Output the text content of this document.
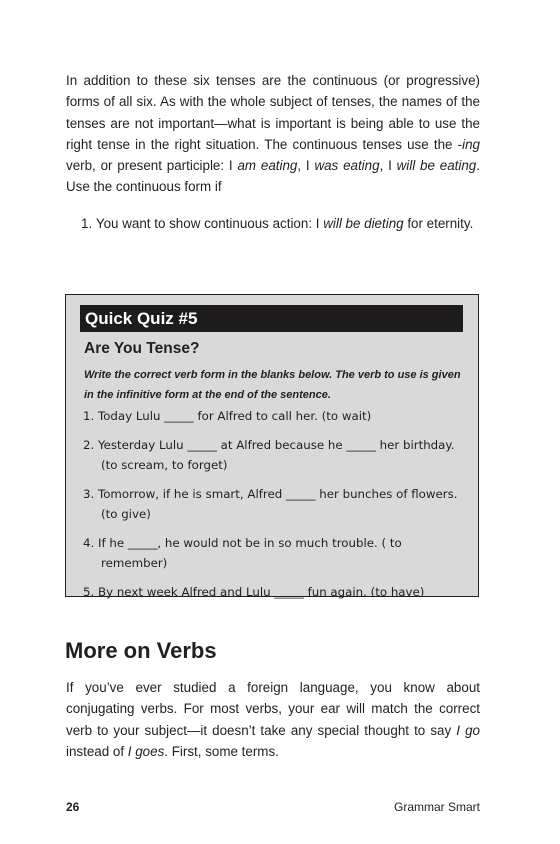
In addition to these six tenses are the continuous (or progressive) forms of all six. As with the whole subject of tenses, the names of the tenses are not important—what is important is being able to use the right tense in the right situation. The continuous tenses use the -ing verb, or present participle: I am eating, I was eating, I will be eating. Use the continuous form if

1. You want to show continuous action: I will be dieting for eternity.

Quick Quiz #5

Are You Tense?

Write the correct verb form in the blanks below. The verb to use is given in the infinitive form at the end of the sentence.

1. Today Lulu _____ for Alfred to call her. (to wait)
2. Yesterday Lulu _____ at Alfred because he _____ her birthday. (to scream, to forget)
3. Tomorrow, if he is smart, Alfred _____ her bunches of flowers. (to give)
4. If he _____, he would not be in so much trouble. ( to remember)
5. By next week Alfred and Lulu _____ fun again. (to have)
More on Verbs

If you’ve ever studied a foreign language, you know about conjugating verbs. For most verbs, your ear will match the correct verb to your subject—it doesn’t take any special thought to say I go instead of I goes. First, some terms.

26	Grammar Smart
